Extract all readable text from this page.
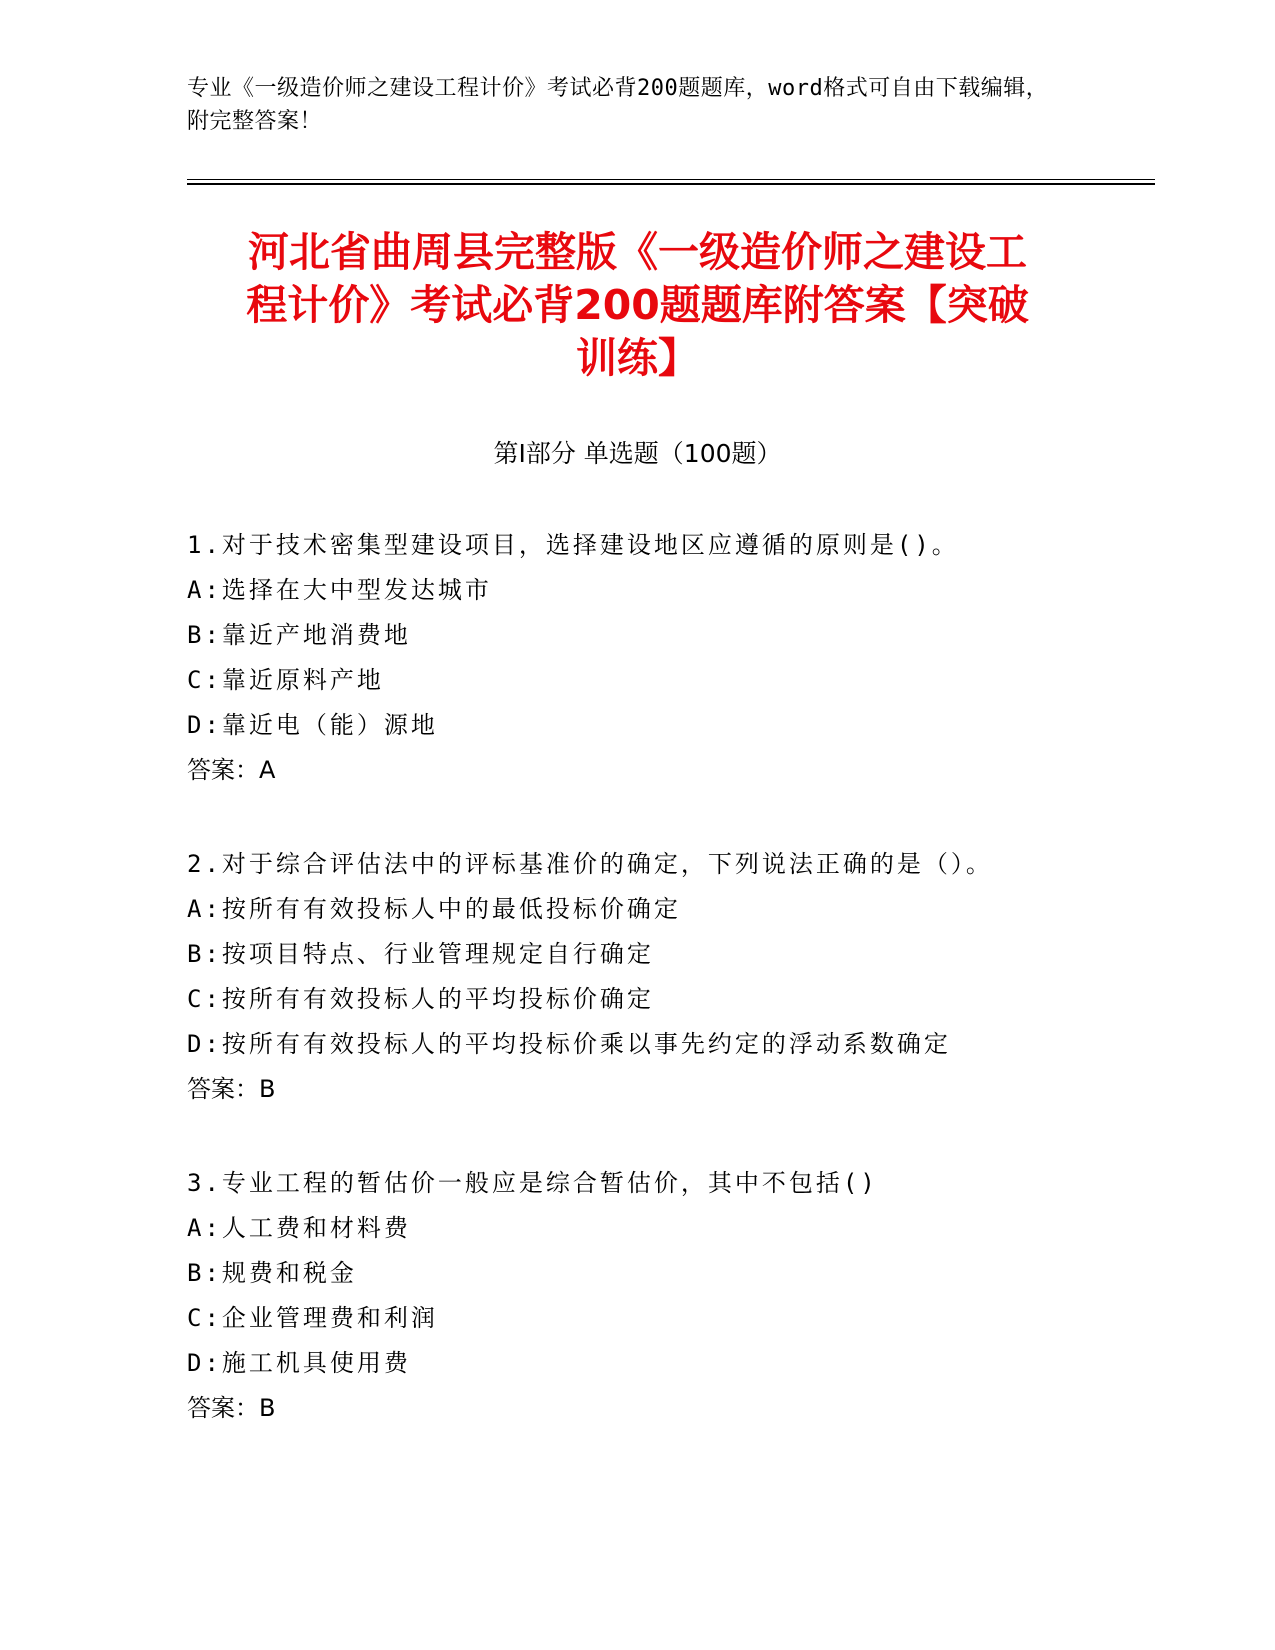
专业《一级造价师之建设工程计价》考试必背200题题库，word格式可自由下载编辑，附完整答案！
河北省曲周县完整版《一级造价师之建设工
程计价》考试必背200题题库附答案【突破
训练】
第Ⅰ部分 单选题（100题）
1.对于技术密集型建设项目，选择建设地区应遵循的原则是()。
A:选择在大中型发达城市
B:靠近产地消费地
C:靠近原料产地
D:靠近电（能）源地
答案：A
2.对于综合评估法中的评标基准价的确定，下列说法正确的是（）。
A:按所有有效投标人中的最低投标价确定
B:按项目特点、行业管理规定自行确定
C:按所有有效投标人的平均投标价确定
D:按所有有效投标人的平均投标价乘以事先约定的浮动系数确定
答案：B
3.专业工程的暂估价一般应是综合暂估价，其中不包括()
A:人工费和材料费
B:规费和税金
C:企业管理费和利润
D:施工机具使用费
答案：B
